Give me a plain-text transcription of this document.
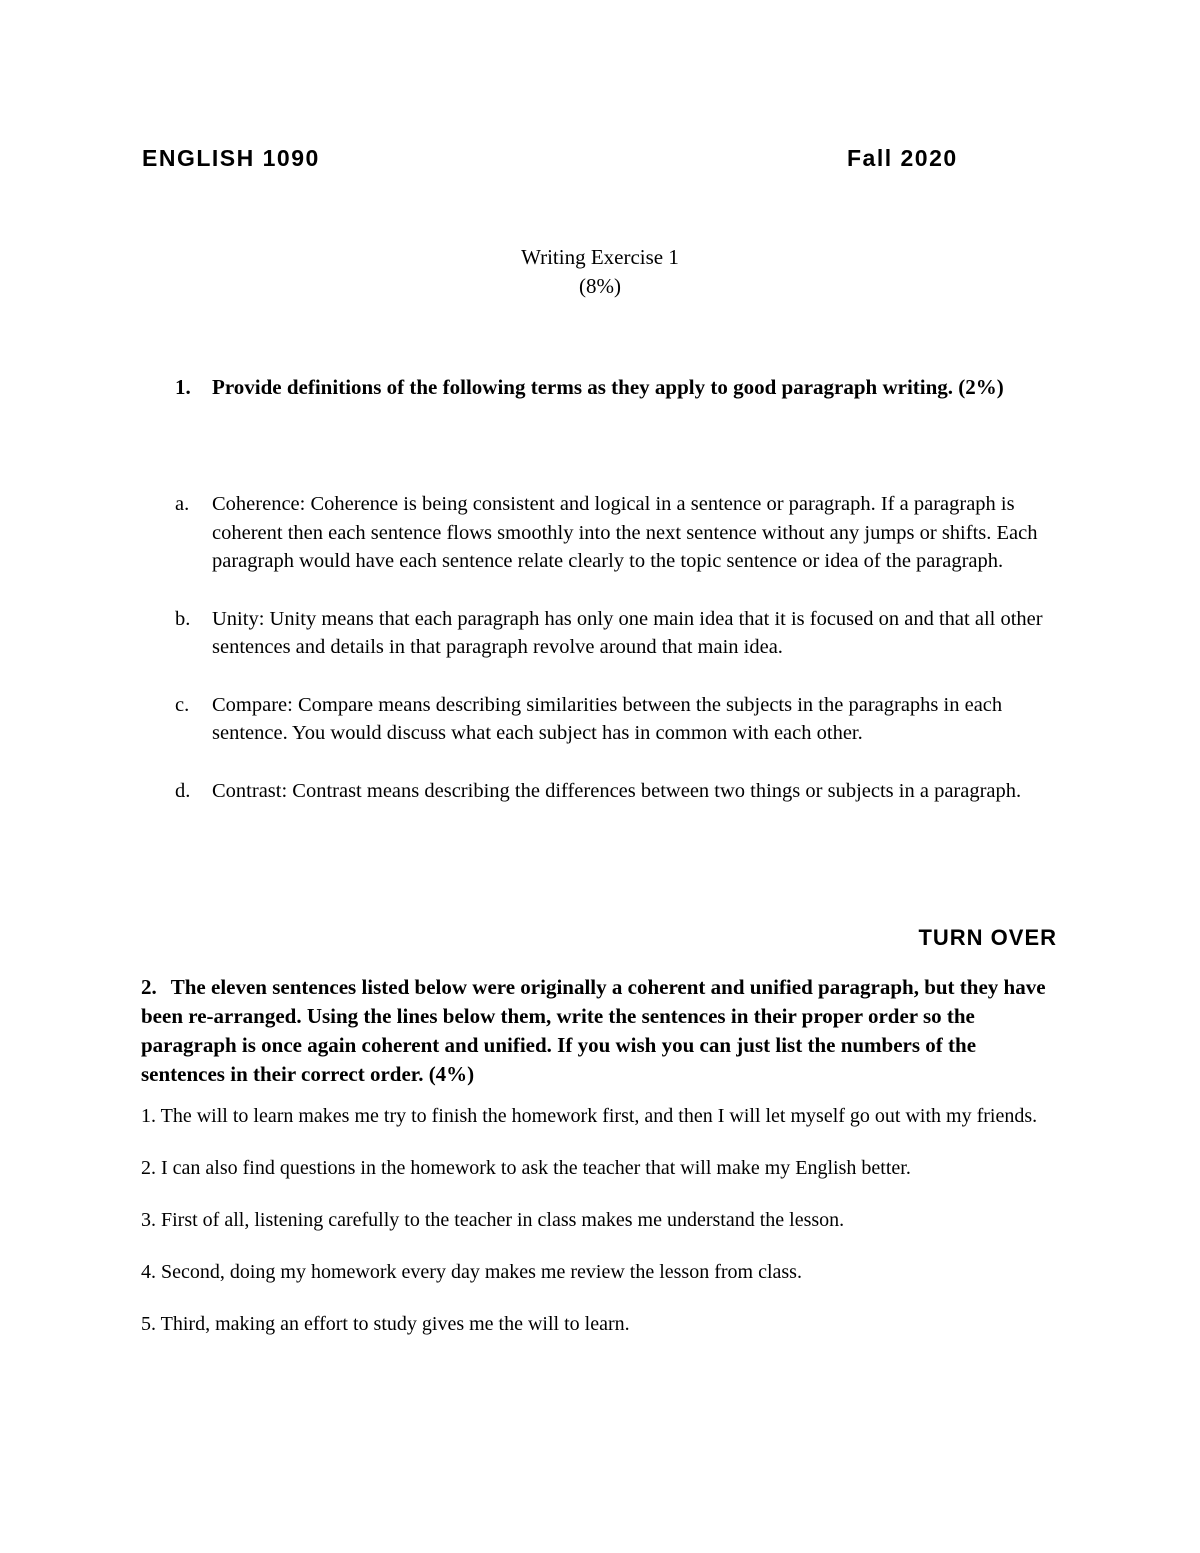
ENGLISH 1090	Fall 2020
Writing Exercise 1
(8%)
1. Provide definitions of the following terms as they apply to good paragraph writing. (2%)
a. Coherence: Coherence is being consistent and logical in a sentence or paragraph. If a paragraph is coherent then each sentence flows smoothly into the next sentence without any jumps or shifts. Each paragraph would have each sentence relate clearly to the topic sentence or idea of the paragraph.
b. Unity: Unity means that each paragraph has only one main idea that it is focused on and that all other sentences and details in that paragraph revolve around that main idea.
c. Compare: Compare means describing similarities between the subjects in the paragraphs in each sentence. You would discuss what each subject has in common with each other.
d. Contrast: Contrast means describing the differences between two things or subjects in a paragraph.
TURN OVER
2. The eleven sentences listed below were originally a coherent and unified paragraph, but they have been re-arranged. Using the lines below them, write the sentences in their proper order so the paragraph is once again coherent and unified. If you wish you can just list the numbers of the sentences in their correct order. (4%)
1. The will to learn makes me try to finish the homework first, and then I will let myself go out with my friends.
2. I can also find questions in the homework to ask the teacher that will make my English better.
3. First of all, listening carefully to the teacher in class makes me understand the lesson.
4. Second, doing my homework every day makes me review the lesson from class.
5. Third, making an effort to study gives me the will to learn.
